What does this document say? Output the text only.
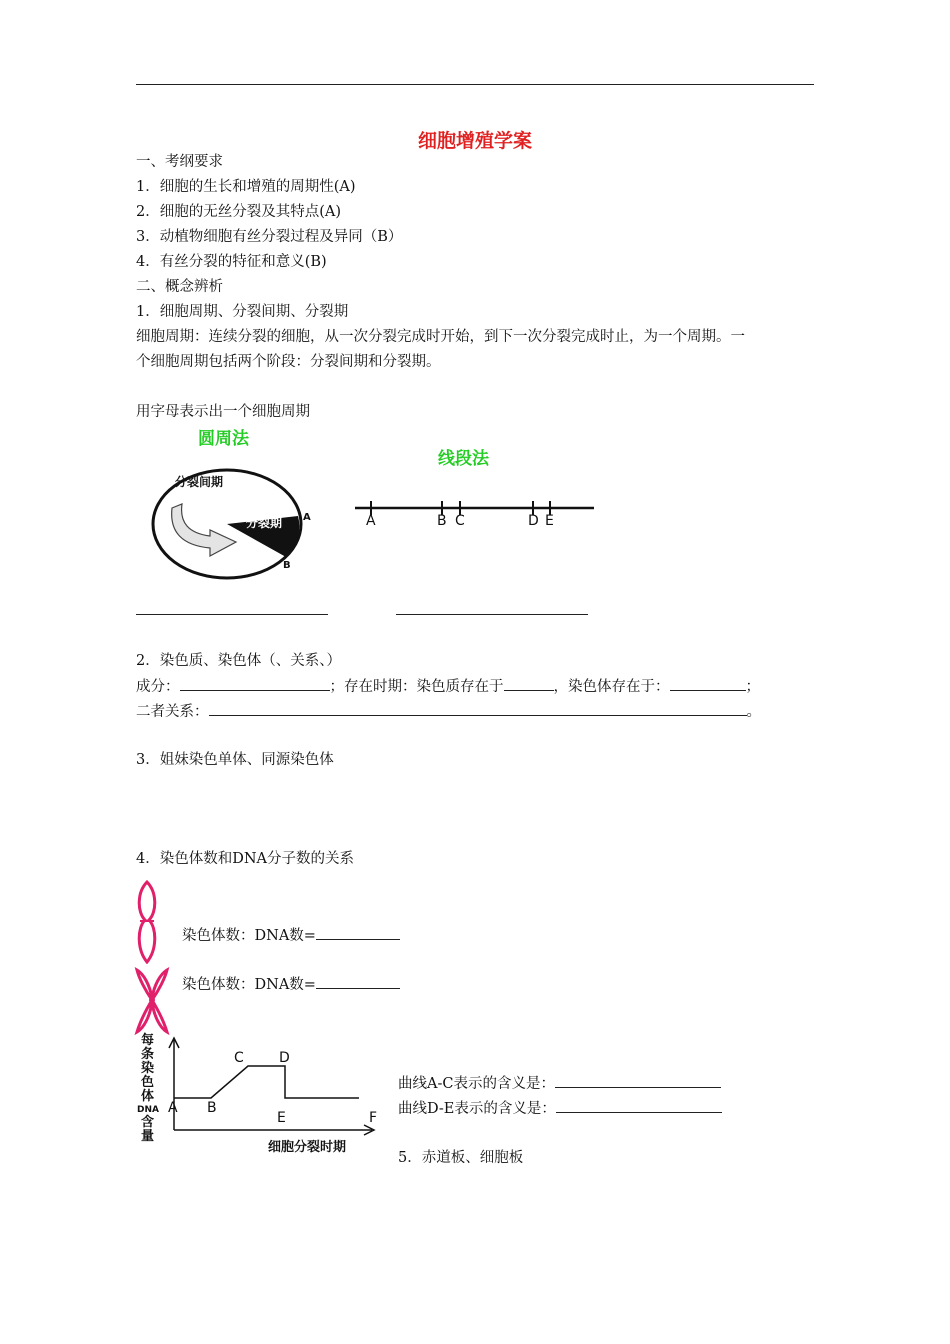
细胞增殖学案
一、考纲要求
1．细胞的生长和增殖的周期性(A)
2．细胞的无丝分裂及其特点(A)
3．动植物细胞有丝分裂过程及异同（B）
4．有丝分裂的特征和意义(B)
二、概念辨析
1．细胞周期、分裂间期、分裂期
细胞周期：连续分裂的细胞，从一次分裂完成时开始，到下一次分裂完成时止，为一个周期。一
个细胞周期包括两个阶段：分裂间期和分裂期。
用字母表示出一个细胞周期
圆周法
分裂间期
分裂期 A
B
线段法
A	B C	D E
2．染色质、染色体（、关系、）
成分：	；存在时期：染色质存在于	，染色体存在于：	；
二者关系：	。
3．姐妹染色单体、同源染色体
4．染色体数和DNA分子数的关系
染色体数：DNA数=
染色体数：DNA数=
每条染色体 DNA 含量
A B
C	D
E	F
细胞分裂时期
曲线A-C表示的含义是：
曲线D-E表示的含义是：
5．赤道板、细胞板
